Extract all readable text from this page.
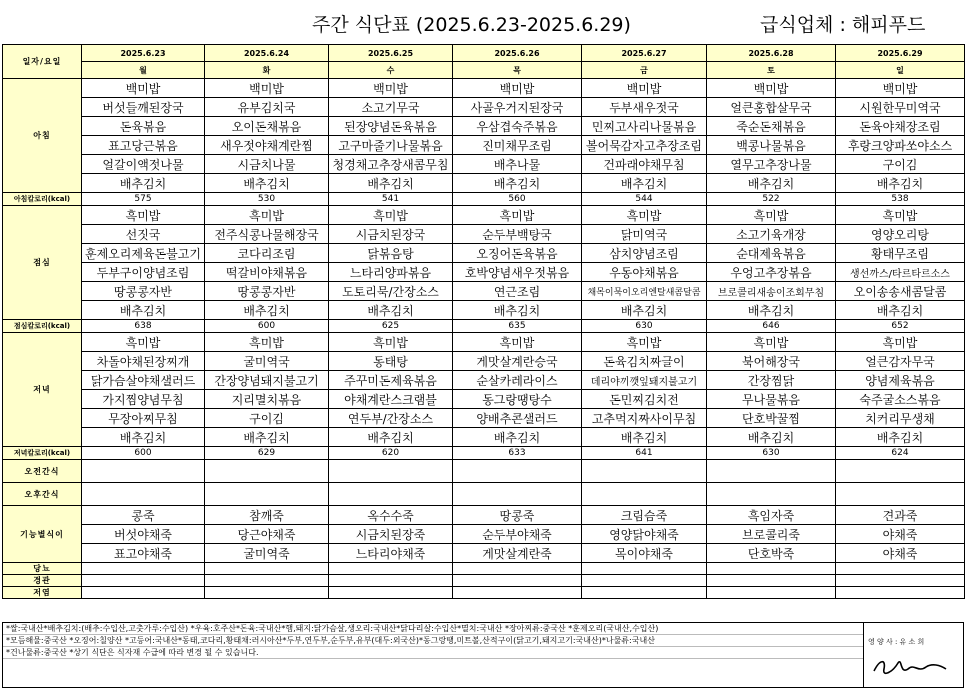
주간 식단표 (2025.6.23-2025.6.29)	급식업체 : 해피푸드
일자/요일	2025.6.23	2025.6.24	2025.6.25	2025.6.26	2025.6.27	2025.6.28	2025.6.29
	월	화	수	목	금	토	일
아침	백미밥	백미밥	백미밥	백미밥	백미밥	백미밥	백미밥
	버섯들깨된장국	유부김치국	소고기무국	사골우거지된장국	두부새우젓국	얼큰홍합살무국	시원한무미역국
	돈육볶음	오이돈채볶음	된장양념돈육볶음	우삼겹숙주볶음	민찌고사리나물볶음	죽순돈채볶음	돈육야채장조림
	표고당근볶음	새우젓야채계란찜	고구마줄기나물볶음	진미채무조림	볼어묵감자고추장조림	백콩나물볶음	후랑크양파쏘야소스
	얼갈이액젓나물	시금치나물	청경채고추장새콤무침	배추나물	건파래야채무침	열무고추장나물	구이김
	배추김치	배추김치	배추김치	배추김치	배추김치	배추김치	배추김치
아침칼로리(kcal)	575	530	541	560	544	522	538
점심	흑미밥	흑미밥	흑미밥	흑미밥	흑미밥	흑미밥	흑미밥
	선짓국	전주식콩나물해장국	시금치된장국	순두부백탕국	닭미역국	소고기육개장	영양오리탕
	훈제오리제육돈불고기	코다리조림	닭볶음탕	오징어돈육볶음	삼치양념조림	순대제육볶음	황태무조림
	두부구이양념조림	떡갈비야채볶음	느타리양파볶음	호박양념새우젓볶음	우동야채볶음	우엉고추장볶음	생선까스/타르타르소스
	땅콩콩자반	땅콩콩자반	도토리묵/간장소스	연근조림	채목이묵이오리엔탈새콤달콤	브로콜리새송이조회무침	오이송송새콤달콤
	배추김치	배추김치	배추김치	배추김치	배추김치	배추김치	배추김치
점심칼로리(kcal)	638	600	625	635	630	646	652
저녁	흑미밥	흑미밥	흑미밥	흑미밥	흑미밥	흑미밥	흑미밥
	차돌야채된장찌개	굴미역국	동태탕	게맛살계란승국	돈육김치짜글이	북어해장국	얼큰감자무국
	닭가슴살야채샐러드	간장양념돼지불고기	주꾸미돈제육볶음	순살카레라이스	데리야끼깻잎돼지불고기	간장찜닭	양념제육볶음
	가지찜양념무침	지리멸치볶음	야채계란스크램블	동그랑땡탕수	돈민찌김치전	무나물볶음	숙주굴소스볶음
	무장아찌무침	구이김	연두부/간장소스	양배추콘샐러드	고추먹지짜사이무침	단호박꿀찜	치커리무생채
	배추김치	배추김치	배추김치	배추김치	배추김치	배추김치	배추김치
저녁칼로리(kcal)	600	629	620	633	641	630	624
오전간식							
오후간식							
기능별식이	콩죽	참깨죽	옥수수죽	땅콩죽	크림슴죽	흑임자죽	견과죽
	버섯야채죽	당근야채죽	시금치된장죽	순두부야채죽	영양닭야채죽	브로콜리죽	야채죽
	표고야채죽	굴미역죽	느타리야채죽	게맛살계란죽	목이야채죽	단호박죽	야채죽
당뇨							
경관							
저염							
*쌀:국내산*배추김치:(배추:수입산,고춧가루:수입산) *우육:호주산*돈육:국내산*햄,돼지:닭가슴살,생오리:국내산*닭다리살:수입산*멸치:국내산 *장아찌류:중국산 *훈제오리(국내산,수입산)
*모듬해물:중국산 *오징어:칠양산 *고등어:국내산*동태,코다리,황태채:러시아산*두부,연두부,순두부,유부(대두:외국산)*동그랑땡,미트볼,산적구이(닭고기,돼지고기:국내산)*나물류:국내산
*건나물류:중국산 *상기 식단은 식자재 수급에 따라 변경 될 수 있습니다.
영 양 사 : 유 소 희
